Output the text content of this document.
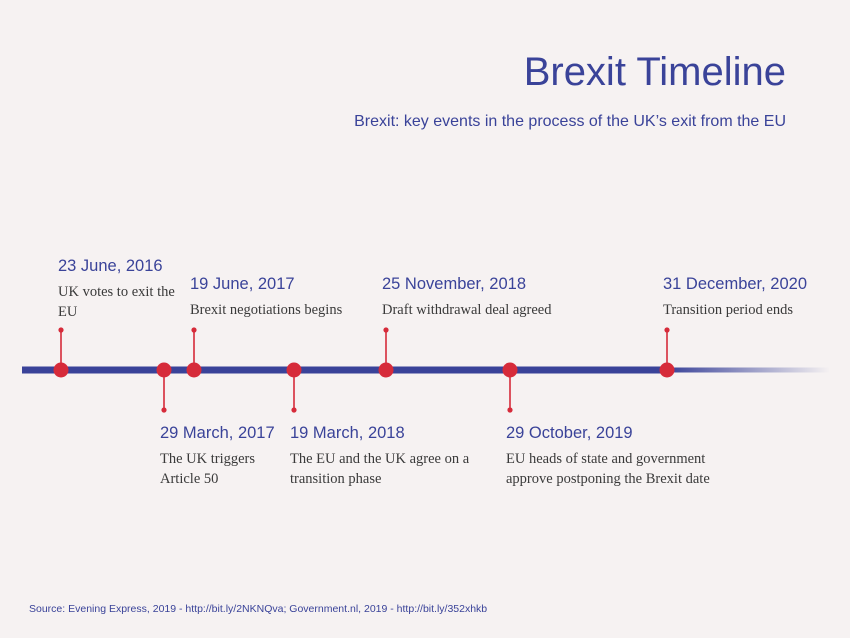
Brexit Timeline
Brexit: key events in the process of the UK’s exit from the EU
23 June, 2016
UK votes to exit the EU
29 March, 2017
The UK triggers Article 50
19 June, 2017
Brexit negotiations begins
19 March, 2018
The EU and the UK agree on a transition phase
25 November, 2018
Draft withdrawal deal agreed
29 October, 2019
EU heads of state and government approve postponing the Brexit date
31 December, 2020
Transition period ends
Source: Evening Express, 2019 - http://bit.ly/2NKNQva; Government.nl, 2019 - http://bit.ly/352xhkb
